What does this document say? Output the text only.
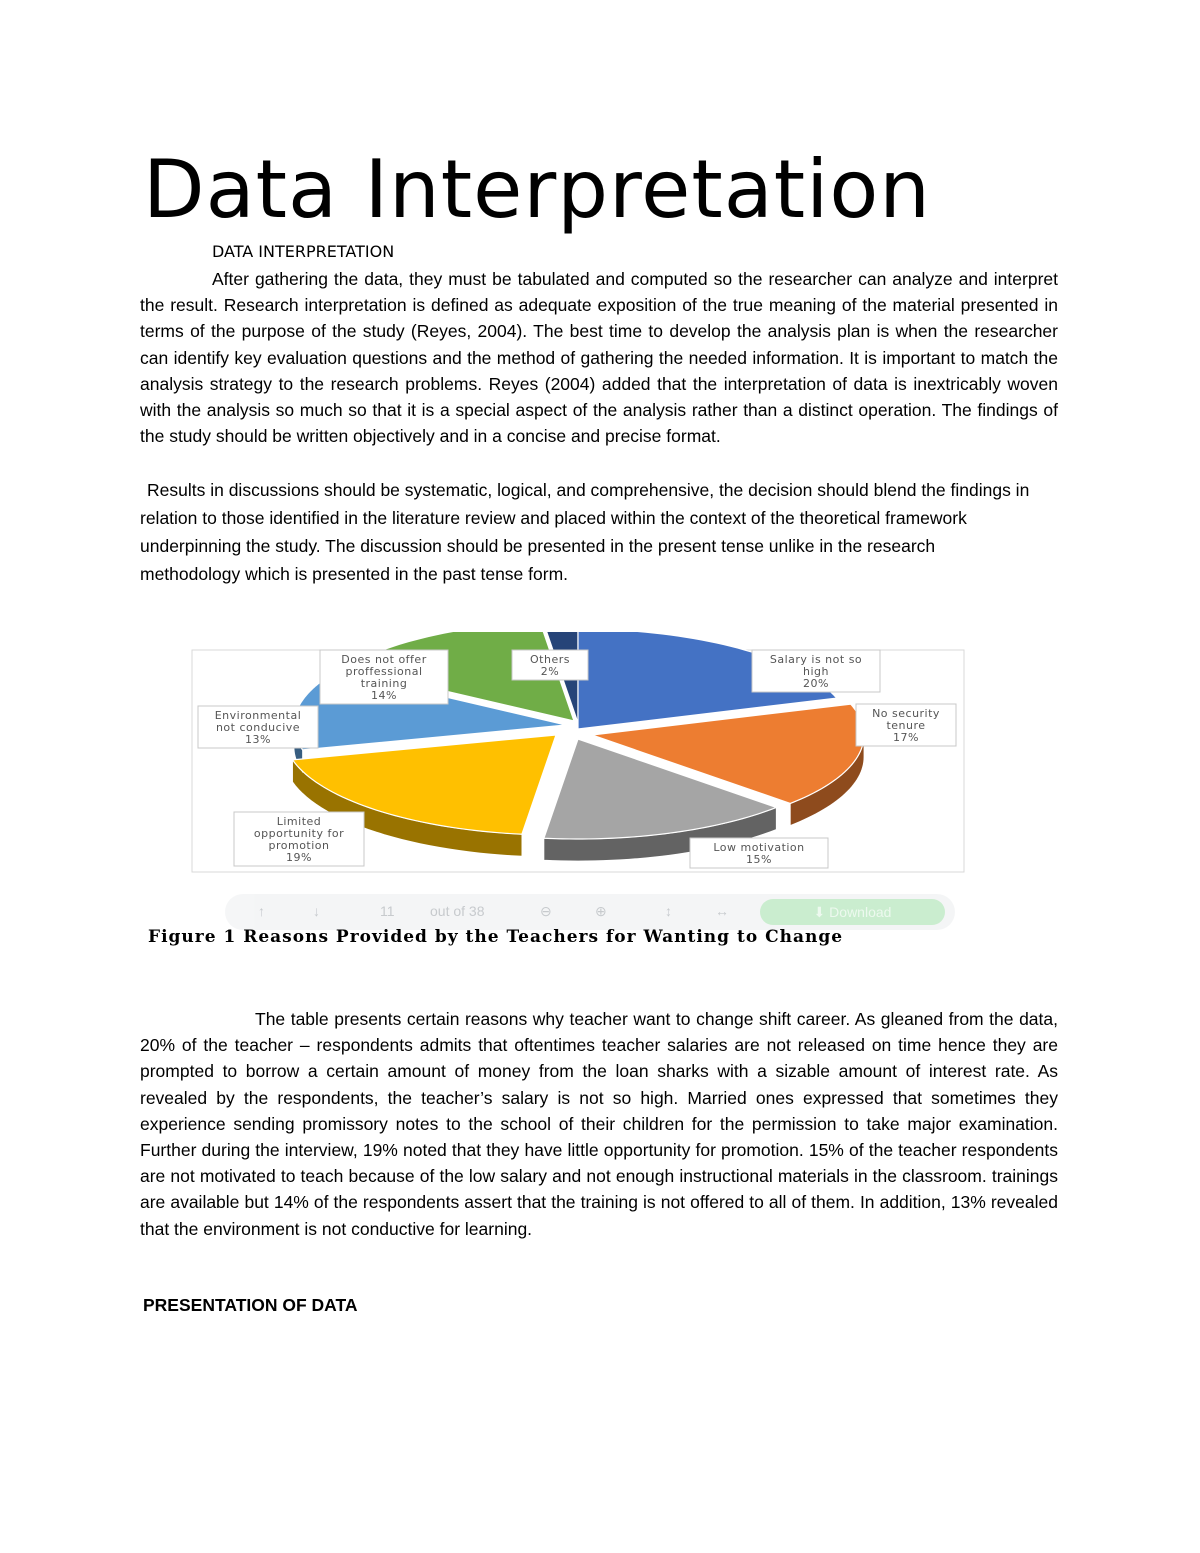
Data Interpretation
DATA INTERPRETATION
After gathering the data, they must be tabulated and computed so the researcher can analyze and interpret the result. Research interpretation is defined as adequate exposition of the true meaning of the material presented in terms of the purpose of the study (Reyes, 2004). The best time to develop the analysis plan is when the researcher can identify key evaluation questions and the method of gathering the needed information. It is important to match the analysis strategy to the research problems. Reyes (2004) added that the interpretation of data is inextricably woven with the analysis so much so that it is a special aspect of the analysis rather than a distinct operation. The findings of the study should be written objectively and in a concise and precise format.
Results in discussions should be systematic, logical, and comprehensive, the decision should blend the findings in relation to those identified in the literature review and placed within the context of the theoretical framework underpinning the study. The discussion should be presented in the present tense unlike in the research methodology which is presented in the past tense form.
Salary is not so
high
20%
No security
tenure
17%
Low motivation
15%
Limited
opportunity for
promotion
19%
Environmental
not conducive
13%
Does not offer
proffessional
training
14%
Others
2%
↑	↓	11	out of 38	⊖	⊕	↕	↔	⬇ Download
Figure 1 Reasons Provided by the Teachers for Wanting to Change
The table presents certain reasons why teacher want to change shift career. As gleaned from the data, 20% of the teacher – respondents admits that oftentimes teacher salaries are not released on time hence they are prompted to borrow a certain amount of money from the loan sharks with a sizable amount of interest rate. As revealed by the respondents, the teacher’s salary is not so high. Married ones expressed that sometimes they experience sending promissory notes to the school of their children for the permission to take major examination. Further during the interview, 19% noted that they have little opportunity for promotion. 15% of the teacher respondents are not motivated to teach because of the low salary and not enough instructional materials in the classroom. trainings are available but 14% of the respondents assert that the training is not offered to all of them. In addition, 13% revealed that the environment is not conductive for learning.
PRESENTATION OF DATA
